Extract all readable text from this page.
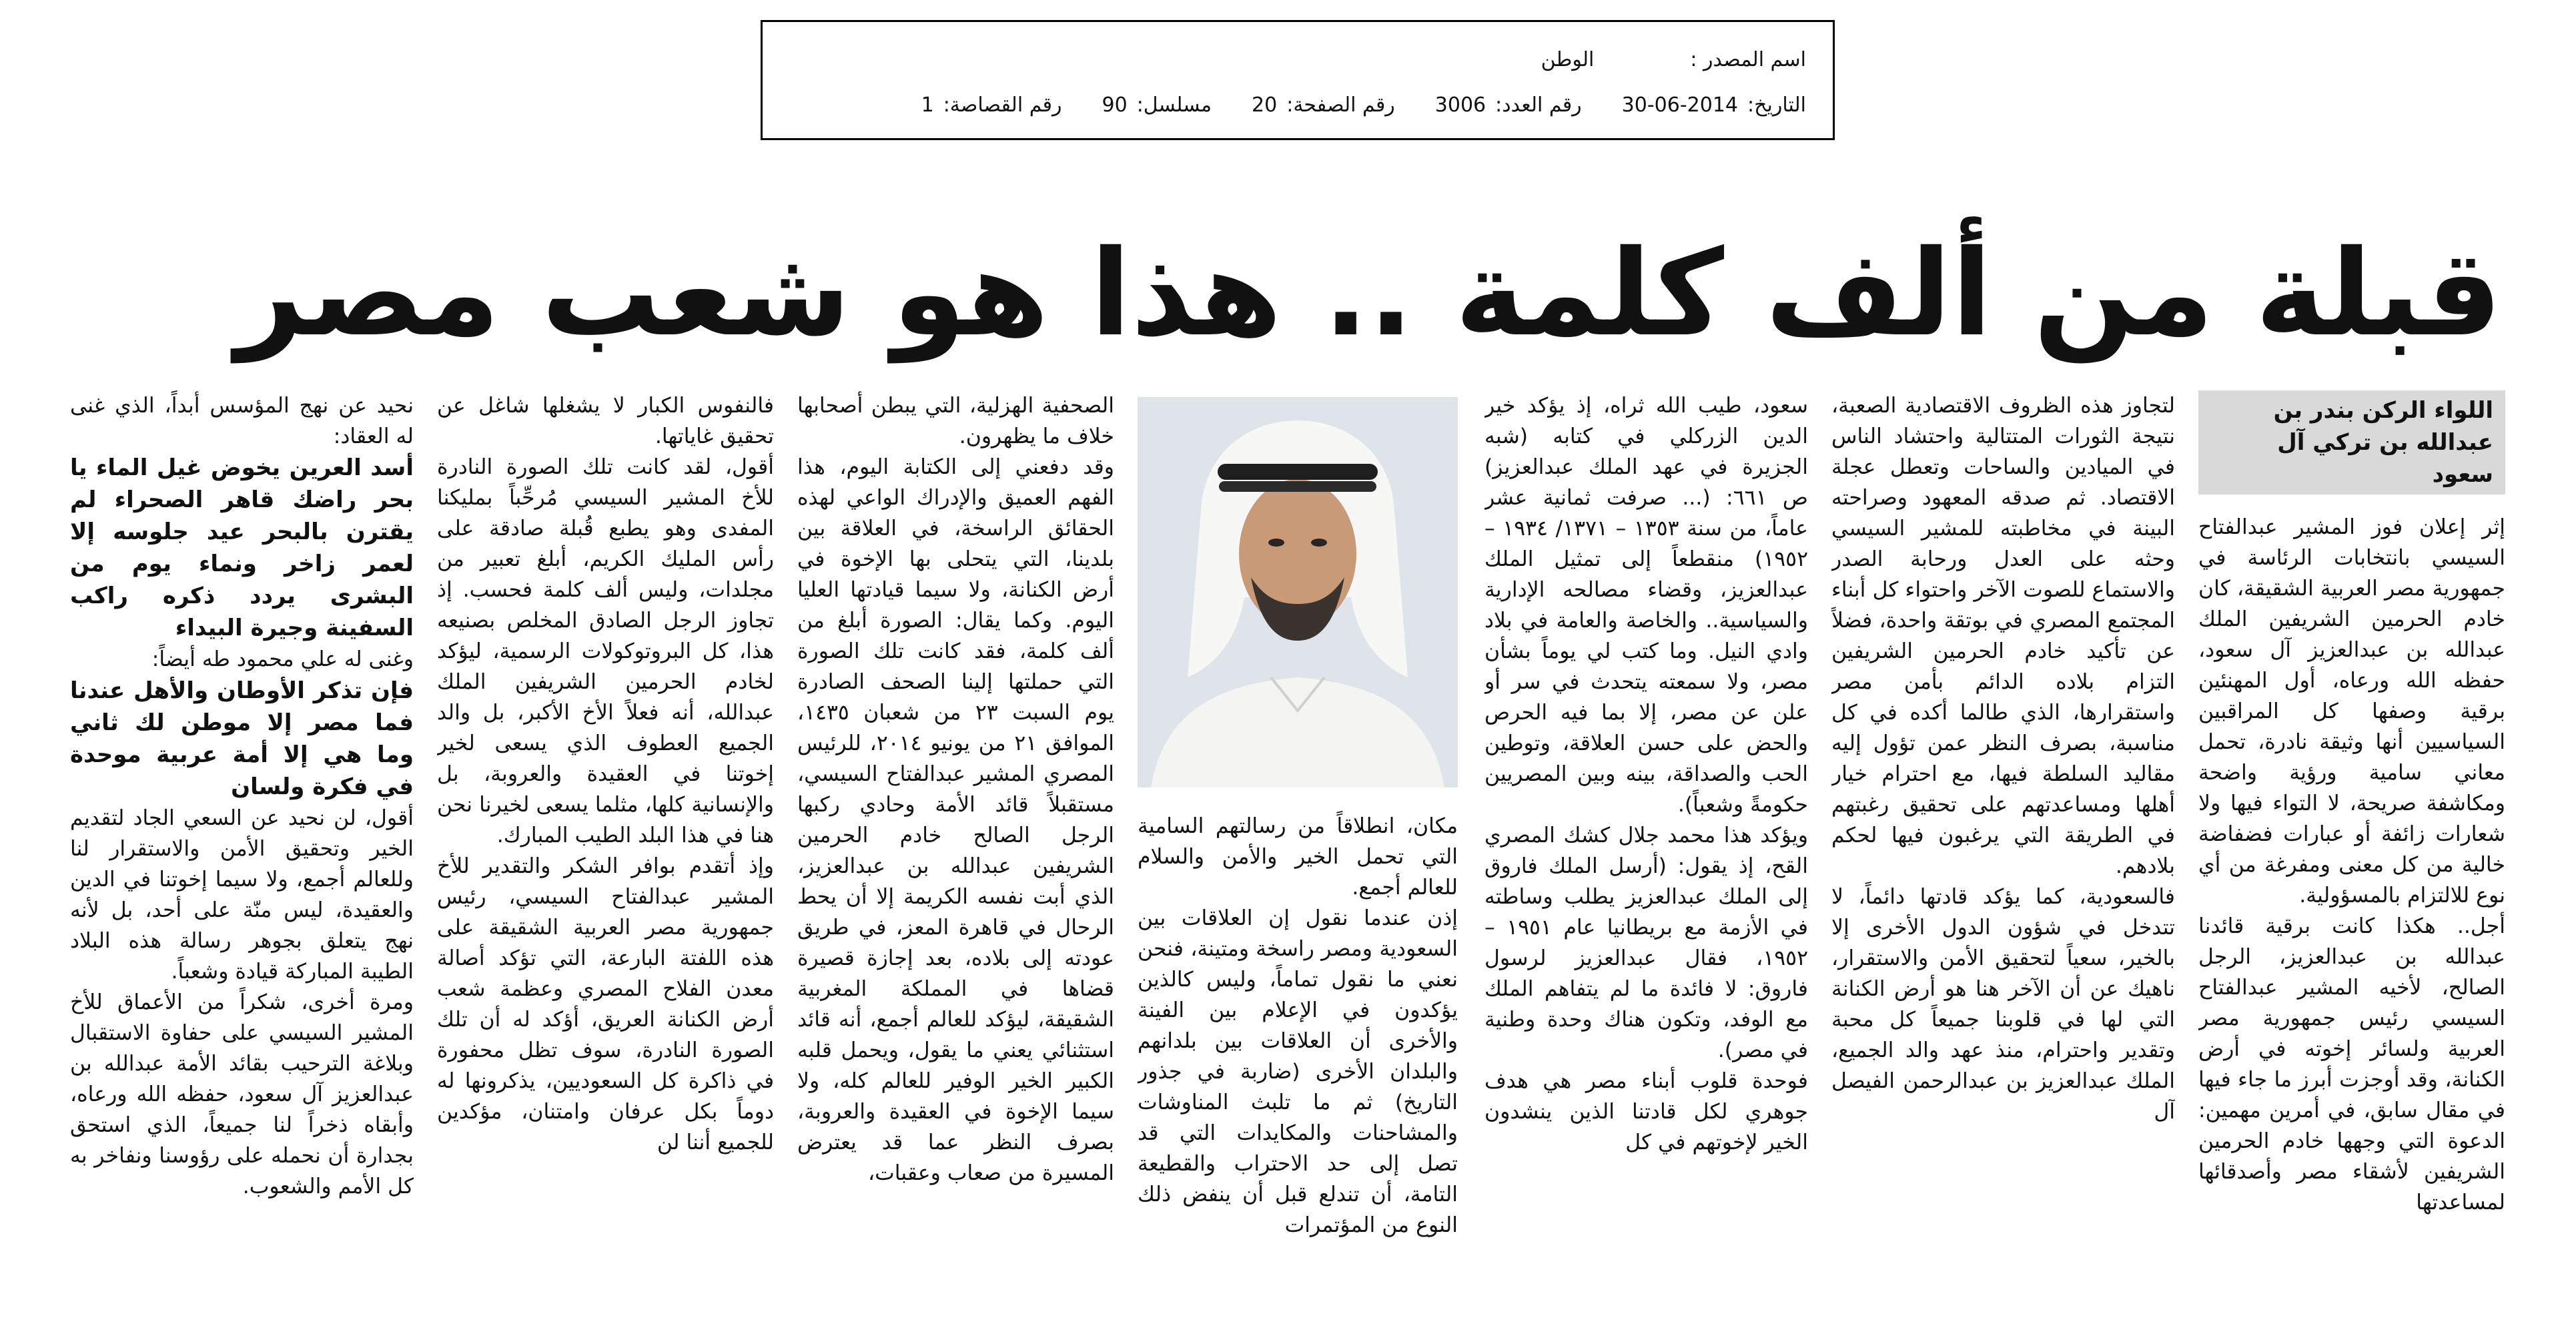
اسم المصدر :
الوطن
التاريخ:
30-06-2014
رقم العدد:
3006
رقم الصفحة:
20
مسلسل:
90
رقم القصاصة:
1
قبلة من ألف كلمة .. هذا هو شعب مصر
اللواء الركن بندر بن عبدالله بن تركي آل سعود

إثر إعلان فوز المشير عبدالفتاح السيسي بانتخابات الرئاسة في جمهورية مصر العربية الشقيقة، كان خادم الحرمين الشريفين الملك عبدالله بن عبدالعزيز آل سعود، حفظه الله ورعاه، أول المهنئين برقية وصفها كل المراقبين السياسيين أنها وثيقة نادرة، تحمل معاني سامية ورؤية واضحة ومكاشفة صريحة، لا التواء فيها ولا شعارات زائفة أو عبارات فضفاضة خالية من كل معنى ومفرغة من أي نوع للالتزام بالمسؤولية.

أجل.. هكذا كانت برقية قائدنا عبدالله بن عبدالعزيز، الرجل الصالح، لأخيه المشير عبدالفتاح السيسي رئيس جمهورية مصر العربية ولسائر إخوته في أرض الكنانة، وقد أوجزت أبرز ما جاء فيها في مقال سابق، في أمرين مهمين: الدعوة التي وجهها خادم الحرمين الشريفين لأشقاء مصر وأصدقائها لمساعدتها

لتجاوز هذه الظروف الاقتصادية الصعبة، نتيجة الثورات المتتالية واحتشاد الناس في الميادين والساحات وتعطل عجلة الاقتصاد. ثم صدقه المعهود وصراحته البينة في مخاطبته للمشير السيسي وحثه على العدل ورحابة الصدر والاستماع للصوت الآخر واحتواء كل أبناء المجتمع المصري في بوتقة واحدة، فضلاً عن تأكيد خادم الحرمين الشريفين التزام بلاده الدائم بأمن مصر واستقرارها، الذي طالما أكده في كل مناسبة، بصرف النظر عمن تؤول إليه مقاليد السلطة فيها، مع احترام خيار أهلها ومساعدتهم على تحقيق رغبتهم في الطريقة التي يرغبون فيها لحكم بلادهم.

فالسعودية، كما يؤكد قادتها دائماً، لا تتدخل في شؤون الدول الأخرى إلا بالخير، سعياً لتحقيق الأمن والاستقرار، ناهيك عن أن الآخر هنا هو أرض الكنانة التي لها في قلوبنا جميعاً كل محبة وتقدير واحترام، منذ عهد والد الجميع، الملك عبدالعزيز بن عبدالرحمن الفيصل آل

سعود، طيب الله ثراه، إذ يؤكد خير الدين الزركلي في كتابه (شبه الجزيرة في عهد الملك عبدالعزيز) ص ٦٦١: (... صرفت ثمانية عشر عاماً، من سنة ١٣٥٣ – ١٣٧١/ ١٩٣٤ – ١٩٥٢) منقطعاً إلى تمثيل الملك عبدالعزيز، وقضاء مصالحه الإدارية والسياسية.. والخاصة والعامة في بلاد وادي النيل. وما كتب لي يوماً بشأن مصر، ولا سمعته يتحدث في سر أو علن عن مصر، إلا بما فيه الحرص والحض على حسن العلاقة، وتوطين الحب والصداقة، بينه وبين المصريين حكومةً وشعباً).

ويؤكد هذا محمد جلال كشك المصري القح، إذ يقول: (أرسل الملك فاروق إلى الملك عبدالعزيز يطلب وساطته في الأزمة مع بريطانيا عام ١٩٥١ – ١٩٥٢، فقال عبدالعزيز لرسول فاروق: لا فائدة ما لم يتفاهم الملك مع الوفد، وتكون هناك وحدة وطنية في مصر).

فوحدة قلوب أبناء مصر هي هدف جوهري لكل قادتنا الذين ينشدون الخير لإخوتهم في كل

مكان، انطلاقاً من رسالتهم السامية التي تحمل الخير والأمن والسلام للعالم أجمع.

إذن عندما نقول إن العلاقات بين السعودية ومصر راسخة ومتينة، فنحن نعني ما نقول تماماً، وليس كالذين يؤكدون في الإعلام بين الفينة والأخرى أن العلاقات بين بلدانهم والبلدان الأخرى (ضاربة في جذور التاريخ) ثم ما تلبث المناوشات والمشاحنات والمكايدات التي قد تصل إلى حد الاحتراب والقطيعة التامة، أن تندلع قبل أن ينفض ذلك النوع من المؤتمرات

الصحفية الهزلية، التي يبطن أصحابها خلاف ما يظهرون.

وقد دفعني إلى الكتابة اليوم، هذا الفهم العميق والإدراك الواعي لهذه الحقائق الراسخة، في العلاقة بين بلدينا، التي يتحلى بها الإخوة في أرض الكنانة، ولا سيما قيادتها العليا اليوم. وكما يقال: الصورة أبلغ من ألف كلمة، فقد كانت تلك الصورة التي حملتها إلينا الصحف الصادرة يوم السبت ٢٣ من شعبان ١٤٣٥، الموافق ٢١ من يونيو ٢٠١٤، للرئيس المصري المشير عبدالفتاح السيسي، مستقبلاً قائد الأمة وحادي ركبها الرجل الصالح خادم الحرمين الشريفين عبدالله بن عبدالعزيز، الذي أبت نفسه الكريمة إلا أن يحط الرحال في قاهرة المعز، في طريق عودته إلى بلاده، بعد إجازة قصيرة قضاها في المملكة المغربية الشقيقة، ليؤكد للعالم أجمع، أنه قائد استثنائي يعني ما يقول، ويحمل قلبه الكبير الخير الوفير للعالم كله، ولا سيما الإخوة في العقيدة والعروبة، بصرف النظر عما قد يعترض المسيرة من صعاب وعقبات،

فالنفوس الكبار لا يشغلها شاغل عن تحقيق غاياتها.

أقول، لقد كانت تلك الصورة النادرة للأخ المشير السيسي مُرحِّباً بمليكنا المفدى وهو يطبع قُبلة صادقة على رأس المليك الكريم، أبلغ تعبير من مجلدات، وليس ألف كلمة فحسب. إذ تجاوز الرجل الصادق المخلص بصنيعه هذا، كل البروتوكولات الرسمية، ليؤكد لخادم الحرمين الشريفين الملك عبدالله، أنه فعلاً الأخ الأكبر، بل والد الجميع العطوف الذي يسعى لخير إخوتنا في العقيدة والعروبة، بل والإنسانية كلها، مثلما يسعى لخيرنا نحن هنا في هذا البلد الطيب المبارك.

وإذ أتقدم بوافر الشكر والتقدير للأخ المشير عبدالفتاح السيسي، رئيس جمهورية مصر العربية الشقيقة على هذه اللفتة البارعة، التي تؤكد أصالة معدن الفلاح المصري وعظمة شعب أرض الكنانة العريق، أؤكد له أن تلك الصورة النادرة، سوف تظل محفورة في ذاكرة كل السعوديين، يذكرونها له دوماً بكل عرفان وامتنان، مؤكدين للجميع أننا لن

نحيد عن نهج المؤسس أبداً، الذي غنى له العقاد:

أسد العرين يخوض غيل الماء يا بحر راضك قاهر الصحراء لم يقترن بالبحر عيد جلوسه إلا لعمر زاخر ونماء يوم من البشرى يردد ذكره راكب السفينة وجيرة البيداء

وغنى له علي محمود طه أيضاً:

فإن تذكر الأوطان والأهل عندنا فما مصر إلا موطن لك ثاني وما هي إلا أمة عربية موحدة في فكرة ولسان

أقول، لن نحيد عن السعي الجاد لتقديم الخير وتحقيق الأمن والاستقرار لنا وللعالم أجمع، ولا سيما إخوتنا في الدين والعقيدة، ليس منّة على أحد، بل لأنه نهج يتعلق بجوهر رسالة هذه البلاد الطيبة المباركة قيادة وشعباً.

ومرة أخرى، شكراً من الأعماق للأخ المشير السيسي على حفاوة الاستقبال وبلاغة الترحيب بقائد الأمة عبدالله بن عبدالعزيز آل سعود، حفظه الله ورعاه، وأبقاه ذخراً لنا جميعاً، الذي استحق بجدارة أن نحمله على رؤوسنا ونفاخر به كل الأمم والشعوب.
